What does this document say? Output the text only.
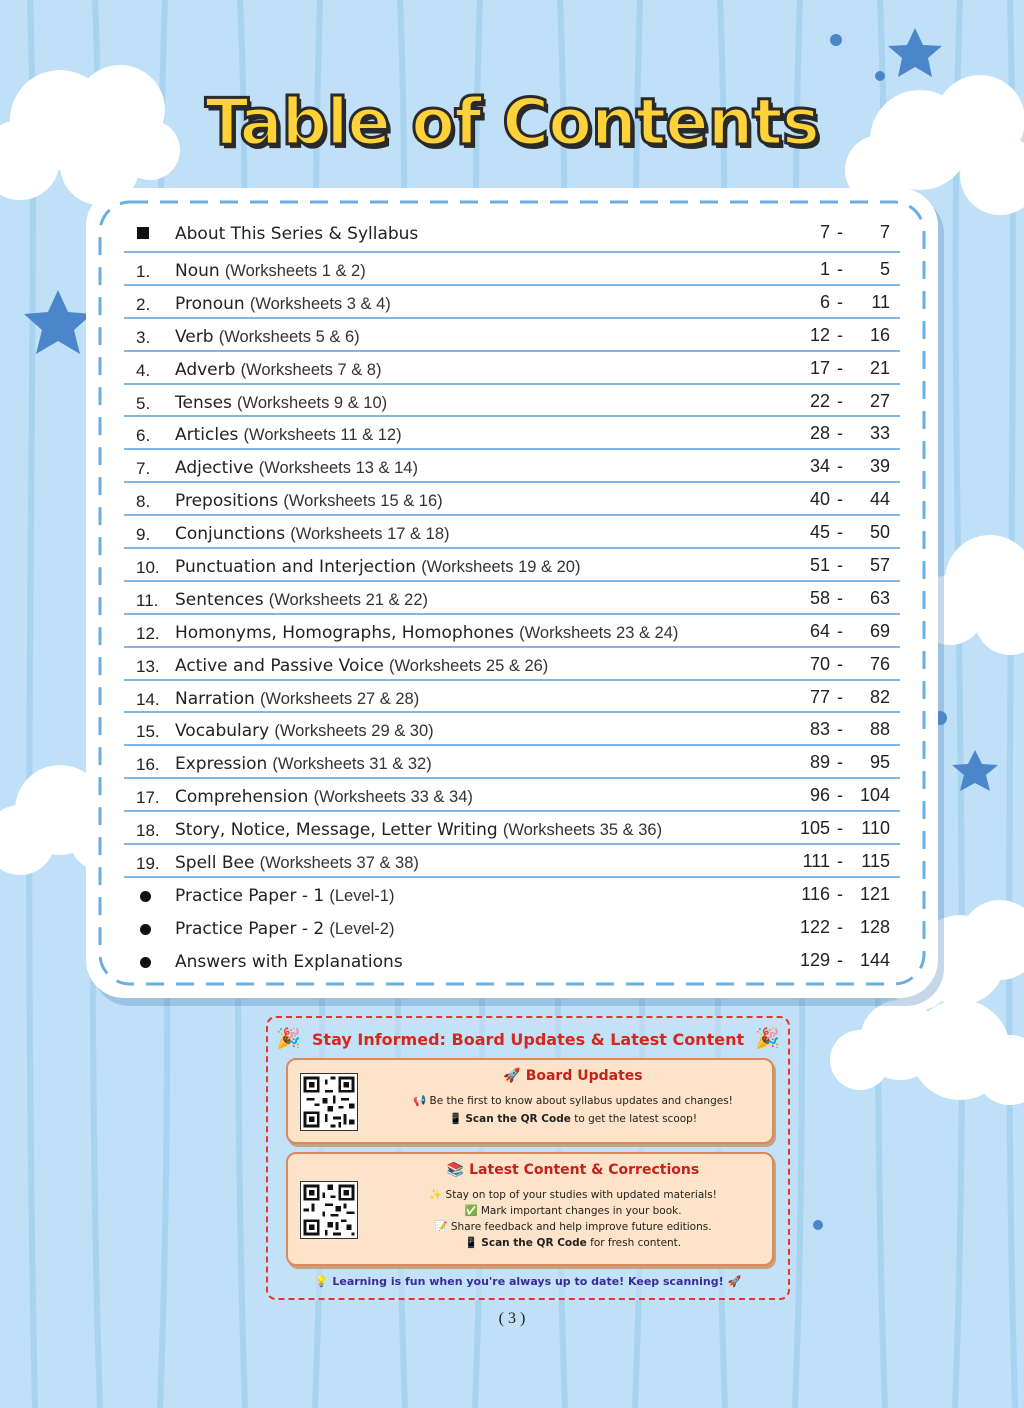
Table of Contents
About This Series & Syllabus	7 -	7
1.	Noun (Worksheets 1 & 2)	1 -	5
2.	Pronoun (Worksheets 3 & 4)	6 -	11
3.	Verb (Worksheets 5 & 6)	12 -	16
4.	Adverb (Worksheets 7 & 8)	17 -	21
5.	Tenses (Worksheets 9 & 10)	22 -	27
6.	Articles (Worksheets 11 & 12)	28 -	33
7.	Adjective (Worksheets 13 & 14)	34 -	39
8.	Prepositions (Worksheets 15 & 16)	40 -	44
9.	Conjunctions (Worksheets 17 & 18)	45 -	50
10. Punctuation and Interjection (Worksheets 19 & 20)	51 -	57
11. Sentences (Worksheets 21 & 22)	58 -	63
12. Homonyms, Homographs, Homophones (Worksheets 23 & 24)	64 -	69
13. Active and Passive Voice (Worksheets 25 & 26)	70 -	76
14. Narration (Worksheets 27 & 28)	77 -	82
15. Vocabulary (Worksheets 29 & 30)	83 -	88
16. Expression (Worksheets 31 & 32)	89 -	95
17. Comprehension (Worksheets 33 & 34)	96 - 104
18. Story, Notice, Message, Letter Writing (Worksheets 35 & 36)	105 -	110
19. Spell Bee (Worksheets 37 & 38)	111 -	115
Practice Paper - 1 (Level-1)	116 - 121
Practice Paper - 2 (Level-2)	122 - 128
Answers with Explanations	129 - 144
🎉 Stay Informed: Board Updates & Latest Content 🎉
🚀 Board Updates
📢 Be the first to know about syllabus updates and changes!
📱 Scan the QR Code to get the latest scoop!
📚 Latest Content & Corrections
✨ Stay on top of your studies with updated materials!
✅ Mark important changes in your book.
📝 Share feedback and help improve future editions.
📱 Scan the QR Code for fresh content.
💡 Learning is fun when you're always up to date! Keep scanning! 🚀
( 3 )
